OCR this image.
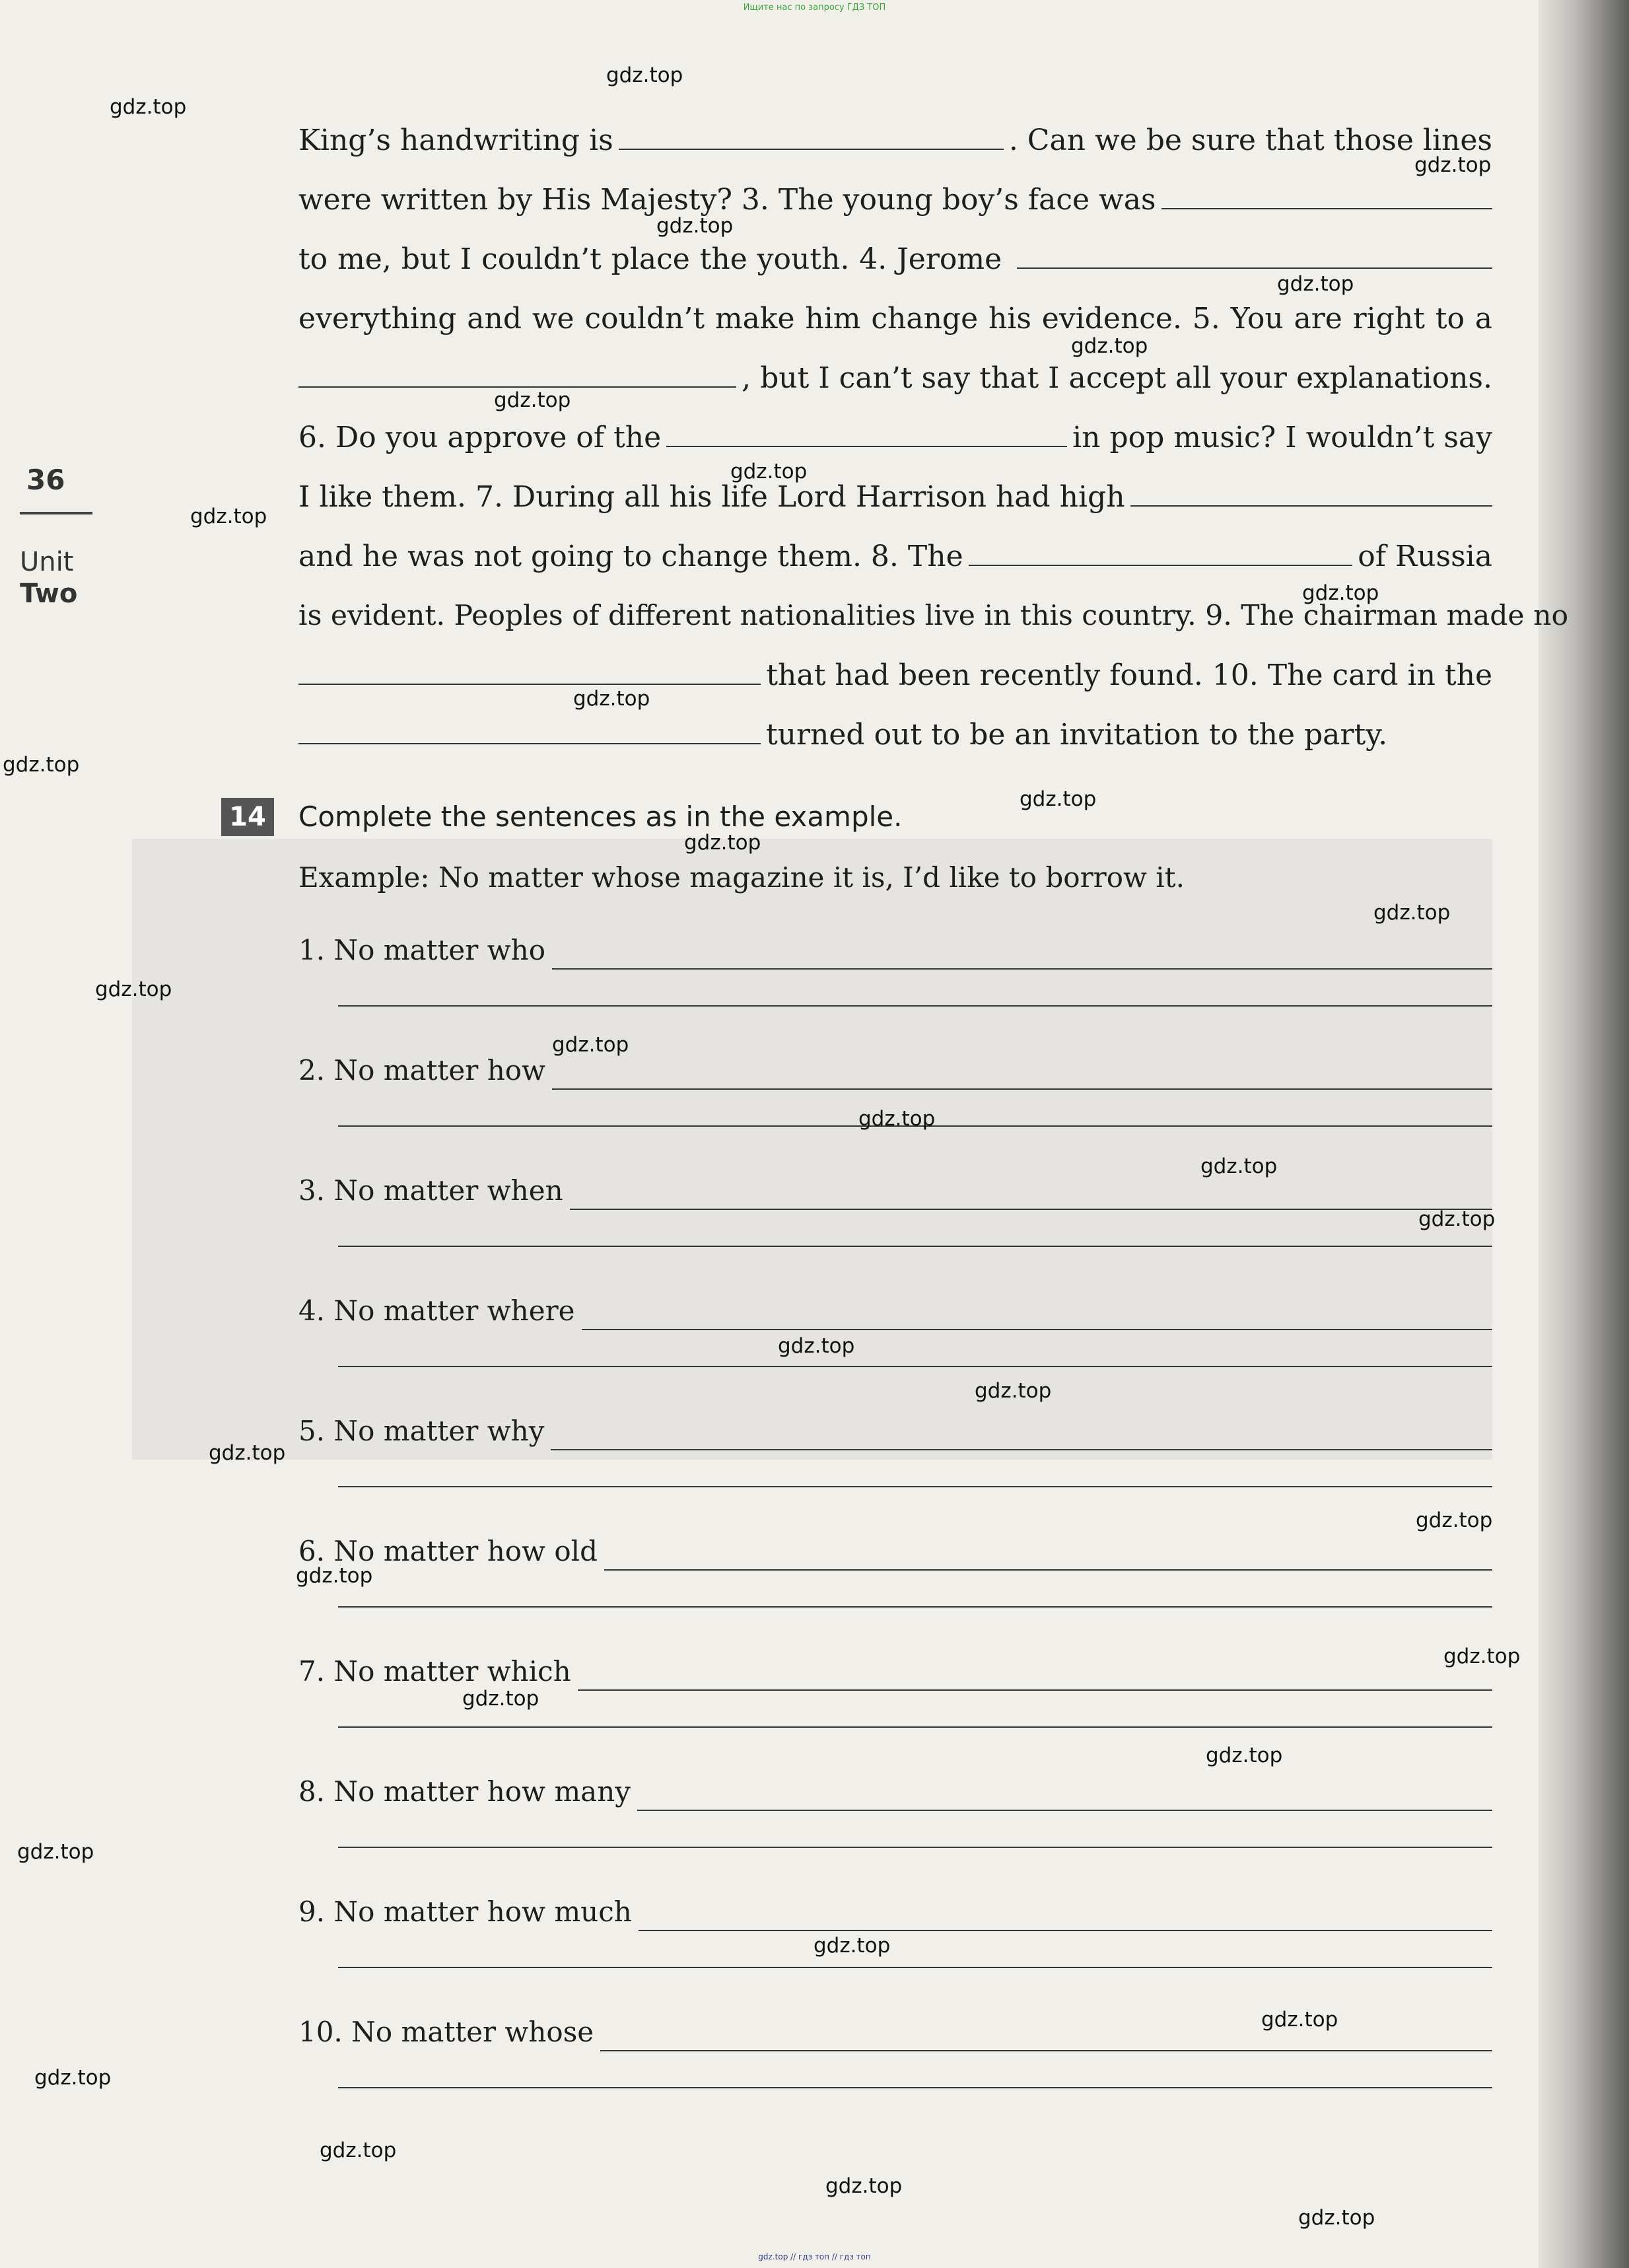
Ищите нас по запросу ГДЗ ТОП
36
Unit
Two
King’s handwriting is	. Can we be sure that those lines
were written by His Majesty? 3. The young boy’s face was
to me, but I couldn’t place the youth. 4. Jerome
everything and we couldn’t make him change his evidence. 5. You are right to a
, but I can’t say that I accept all your explanations.
6. Do you approve of the	in pop music? I wouldn’t say
I like them. 7. During all his life Lord Harrison had high
and he was not going to change them. 8. The	of Russia
is evident. Peoples of different nationalities live in this country. 9. The chairman made no
that had been recently found. 10. The card in the
turned out to be an invitation to the party.
14 Complete the sentences as in the example.
Example: No matter whose magazine it is, I’d like to borrow it.
1. No matter who
2. No matter how
3. No matter when
4. No matter where
5. No matter why
6. No matter how old
7. No matter which
8. No matter how many
9. No matter how much
10. No matter whose
gdz.top
gdz.top
gdz.top
gdz.top
gdz.top
gdz.top
gdz.top
gdz.top
gdz.top
gdz.top
gdz.top
gdz.top
gdz.top
gdz.top
gdz.top
gdz.top
gdz.top
gdz.top
gdz.top
gdz.top
gdz.top
gdz.top
gdz.top
gdz.top
gdz.top
gdz.top
gdz.top
gdz.top
gdz.top
gdz.top
gdz.top
gdz.top
gdz.top
gdz.top
gdz.top
gdz.top // гдз топ // гдз топ
